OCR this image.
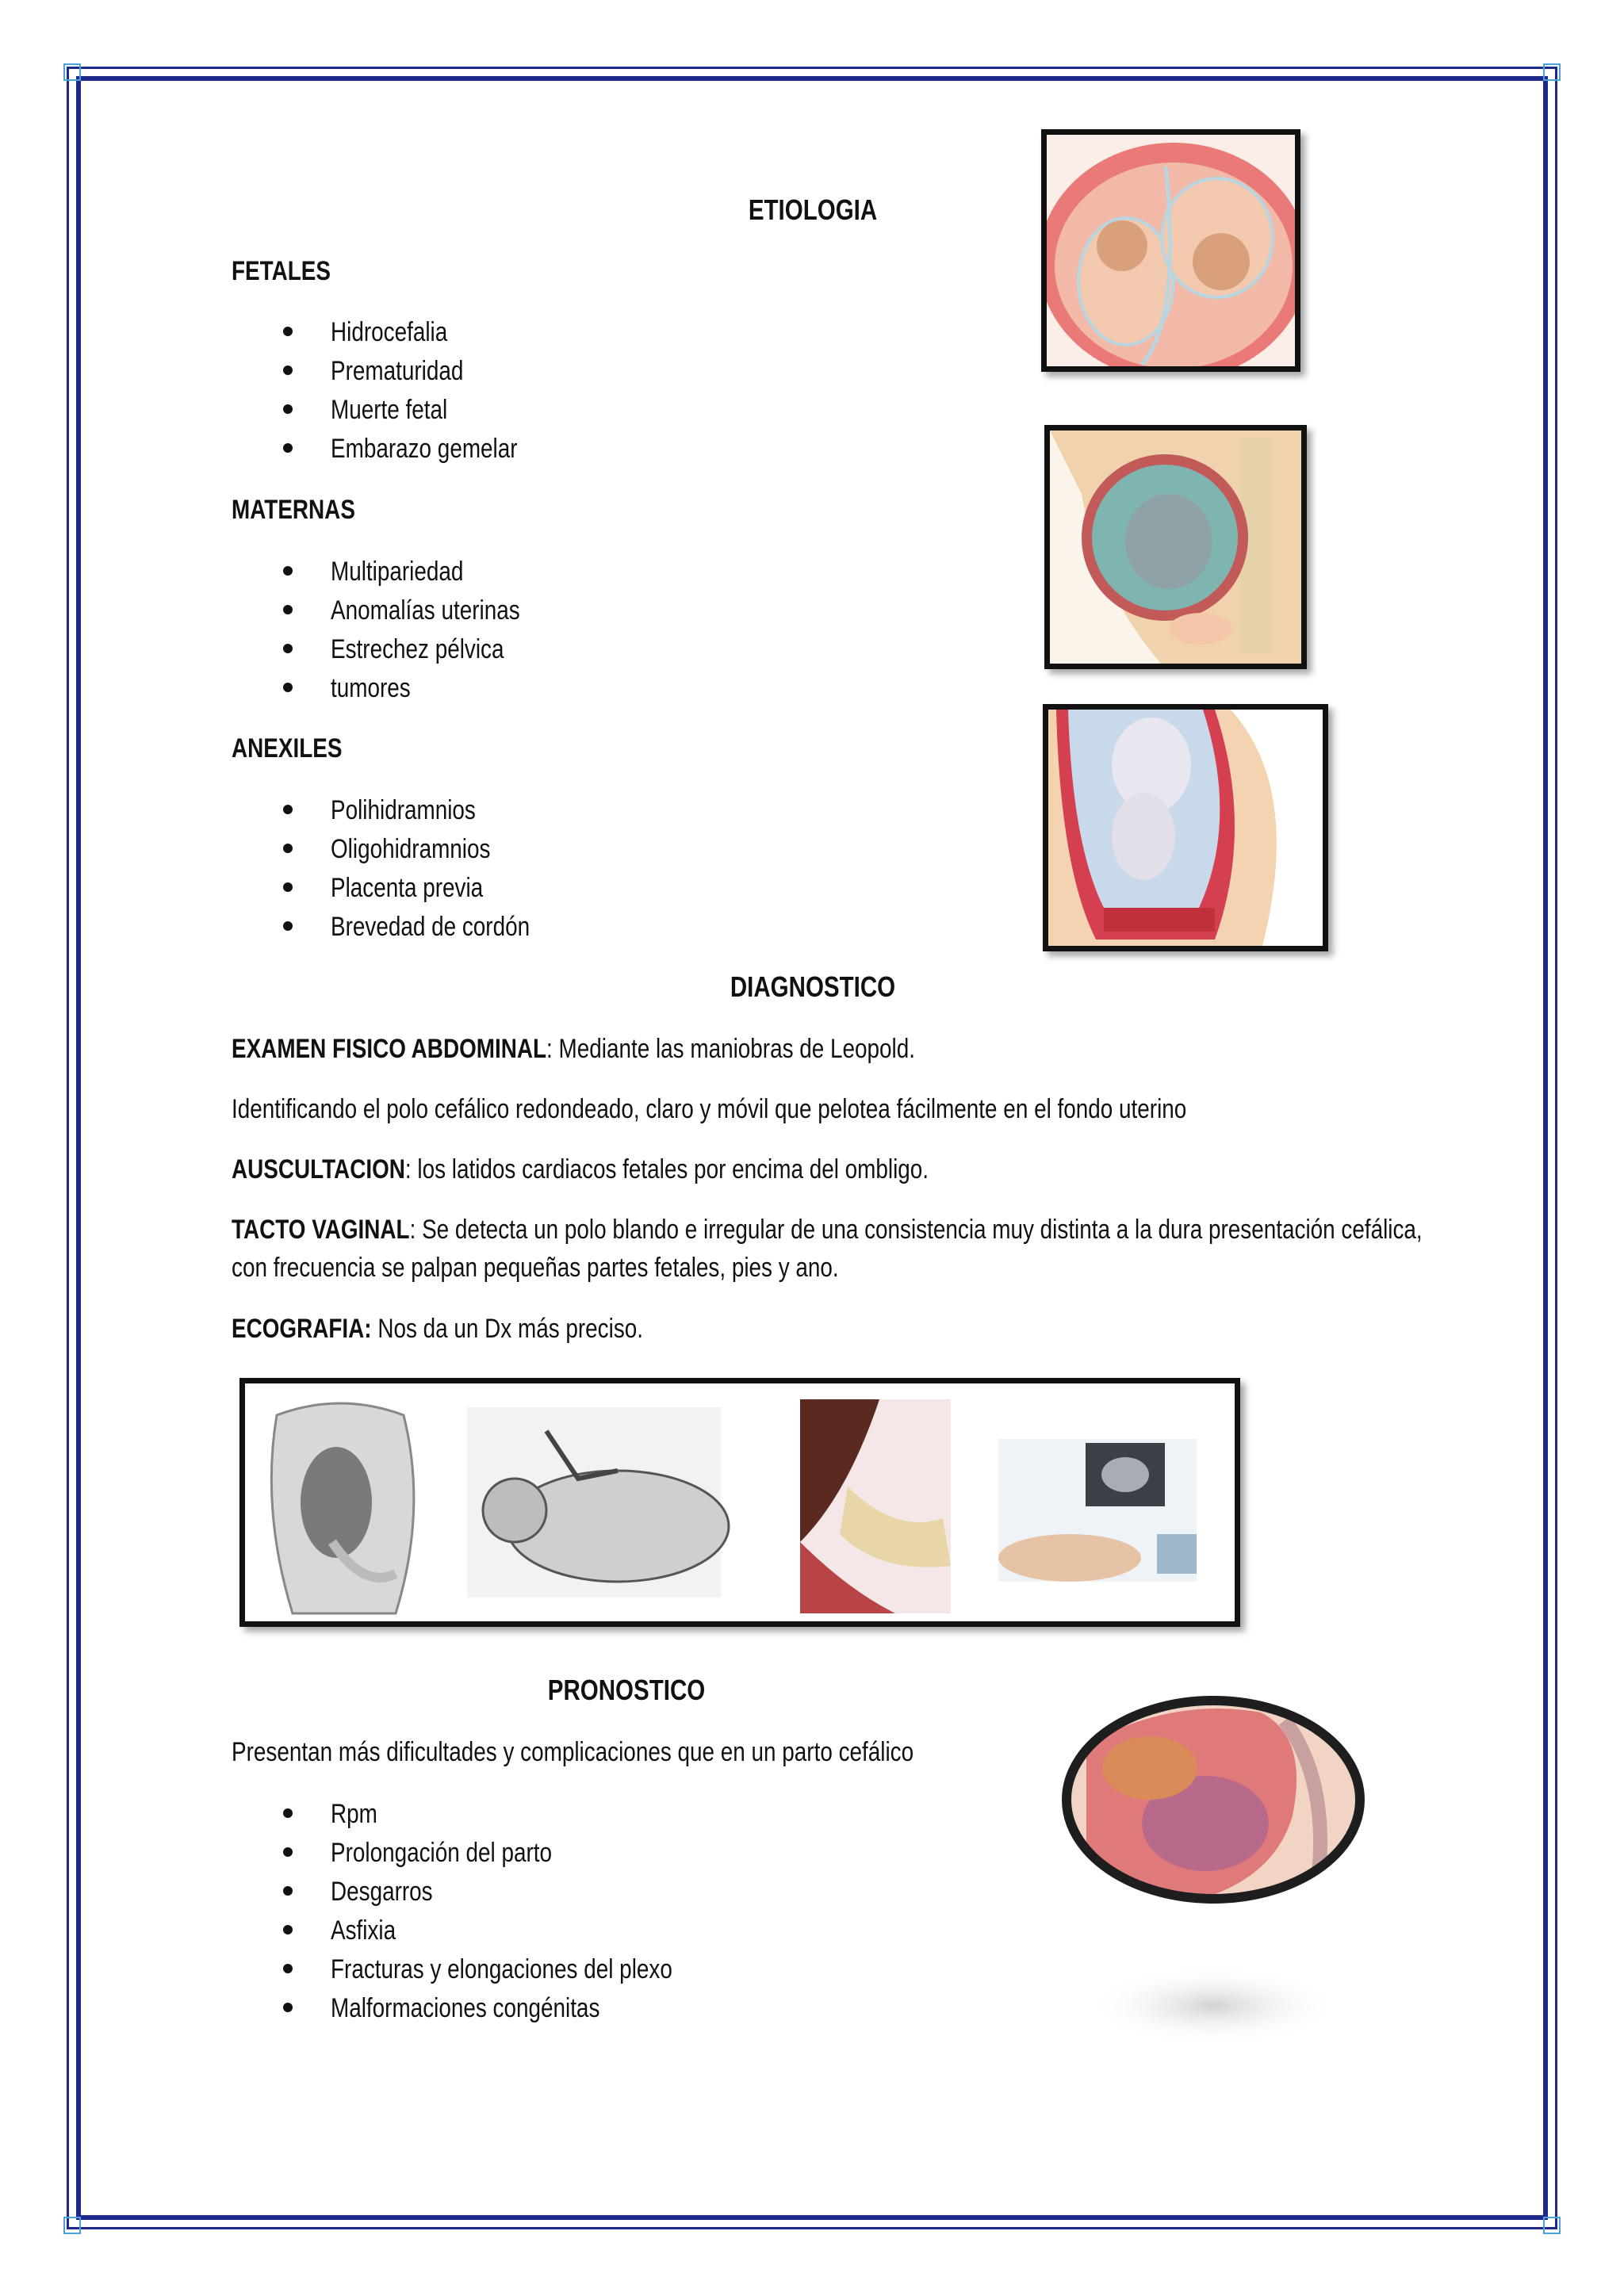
ETIOLOGIA
FETALES
Hidrocefalia
Prematuridad
Muerte fetal
Embarazo gemelar
MATERNAS
Multipariedad
Anomalías uterinas
Estrechez pélvica
tumores
ANEXILES
Polihidramnios
Oligohidramnios
Placenta previa
Brevedad de cordón
DIAGNOSTICO
EXAMEN FISICO ABDOMINAL: Mediante las maniobras de Leopold.
Identificando el polo cefálico redondeado, claro y móvil que pelotea fácilmente en el fondo uterino
AUSCULTACION: los latidos cardiacos fetales por encima del ombligo.
TACTO VAGINAL: Se detecta un polo blando e irregular de una consistencia muy distinta a la dura presentación cefálica,
con frecuencia se palpan pequeñas partes fetales, pies y ano.
ECOGRAFIA: Nos da un Dx más preciso.
PRONOSTICO
Presentan más dificultades y complicaciones que en un parto cefálico
Rpm
Prolongación del parto
Desgarros
Asfixia
Fracturas y elongaciones del plexo
Malformaciones congénitas
